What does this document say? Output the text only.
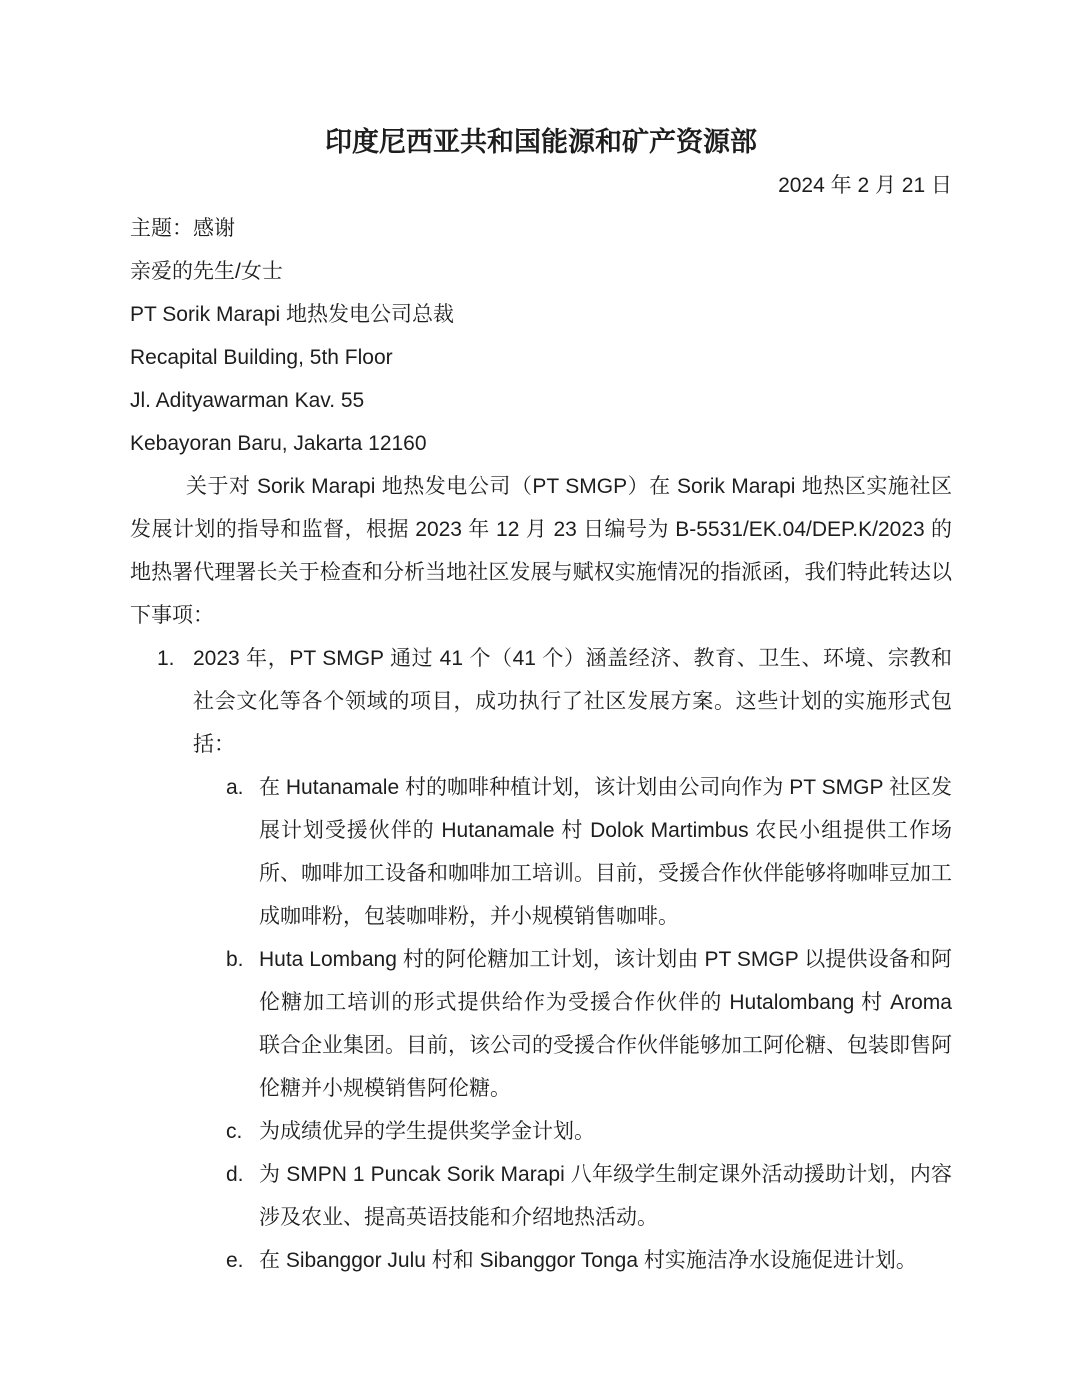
印度尼西亚共和国能源和矿产资源部
2024 年 2 月 21 日
主题：感谢
亲爱的先生/女士
PT Sorik Marapi 地热发电公司总裁
Recapital Building, 5th Floor
Jl. Adityawarman Kav. 55
Kebayoran Baru, Jakarta 12160

关于对 Sorik Marapi 地热发电公司（PT SMGP）在 Sorik Marapi 地热区实施社区发展计划的指导和监督，根据 2023 年 12 月 23 日编号为 B-5531/EK.04/DEP.K/2023 的地热署代理署长关于检查和分析当地社区发展与赋权实施情况的指派函，我们特此转达以下事项：

1. 2023 年，PT SMGP 通过 41 个（41 个）涵盖经济、教育、卫生、环境、宗教和社会文化等各个领域的项目，成功执行了社区发展方案。这些计划的实施形式包括：
a. 在 Hutanamale 村的咖啡种植计划，该计划由公司向作为 PT SMGP 社区发展计划受援伙伴的 Hutanamale 村 Dolok Martimbus 农民小组提供工作场所、咖啡加工设备和咖啡加工培训。目前，受援合作伙伴能够将咖啡豆加工成咖啡粉，包装咖啡粉，并小规模销售咖啡。
b. Huta Lombang 村的阿伦糖加工计划，该计划由 PT SMGP 以提供设备和阿伦糖加工培训的形式提供给作为受援合作伙伴的 Hutalombang 村 Aroma 联合企业集团。目前，该公司的受援合作伙伴能够加工阿伦糖、包装即售阿伦糖并小规模销售阿伦糖。
c. 为成绩优异的学生提供奖学金计划。
d. 为 SMPN 1 Puncak Sorik Marapi 八年级学生制定课外活动援助计划，内容涉及农业、提高英语技能和介绍地热活动。
e. 在 Sibanggor Julu 村和 Sibanggor Tonga 村实施洁净水设施促进计划。
